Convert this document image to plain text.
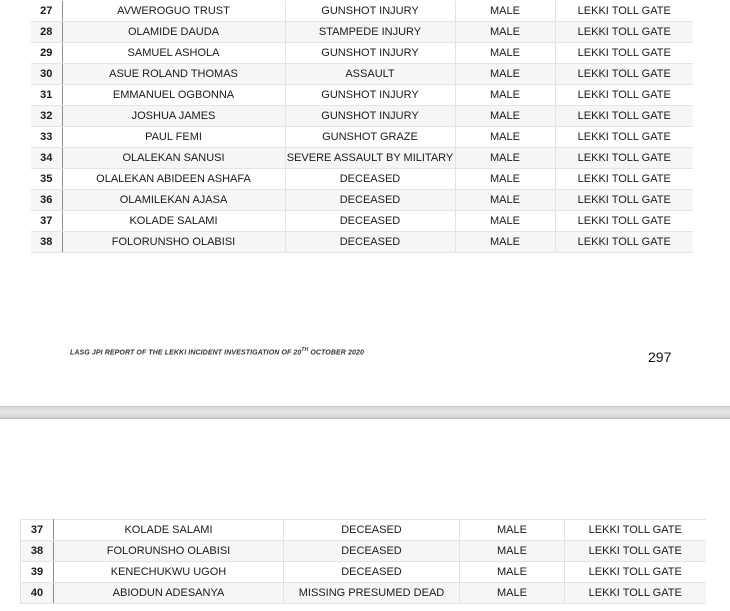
27	AVWEROGUO TRUST	GUNSHOT INJURY	MALE	LEKKI TOLL GATE
28	OLAMIDE DAUDA	STAMPEDE INJURY	MALE	LEKKI TOLL GATE
29	SAMUEL ASHOLA	GUNSHOT INJURY	MALE	LEKKI TOLL GATE
30	ASUE ROLAND THOMAS	ASSAULT	MALE	LEKKI TOLL GATE
31	EMMANUEL OGBONNA	GUNSHOT INJURY	MALE	LEKKI TOLL GATE
32	JOSHUA JAMES	GUNSHOT INJURY	MALE	LEKKI TOLL GATE
33	PAUL FEMI	GUNSHOT GRAZE	MALE	LEKKI TOLL GATE
34	OLALEKAN SANUSI	SEVERE ASSAULT BY MILITARY	MALE	LEKKI TOLL GATE
35	OLALEKAN ABIDEEN ASHAFA	DECEASED	MALE	LEKKI TOLL GATE
36	OLAMILEKAN AJASA	DECEASED	MALE	LEKKI TOLL GATE
37	KOLADE SALAMI	DECEASED	MALE	LEKKI TOLL GATE
38	FOLORUNSHO OLABISI	DECEASED	MALE	LEKKI TOLL GATE
LASG JPI REPORT OF THE LEKKI INCIDENT INVESTIGATION OF 20TH OCTOBER 2020	297
37	KOLADE SALAMI	DECEASED	MALE	LEKKI TOLL GATE
38	FOLORUNSHO OLABISI	DECEASED	MALE	LEKKI TOLL GATE
39	KENECHUKWU UGOH	DECEASED	MALE	LEKKI TOLL GATE
40	ABIODUN ADESANYA	MISSING PRESUMED DEAD	MALE	LEKKI TOLL GATE
